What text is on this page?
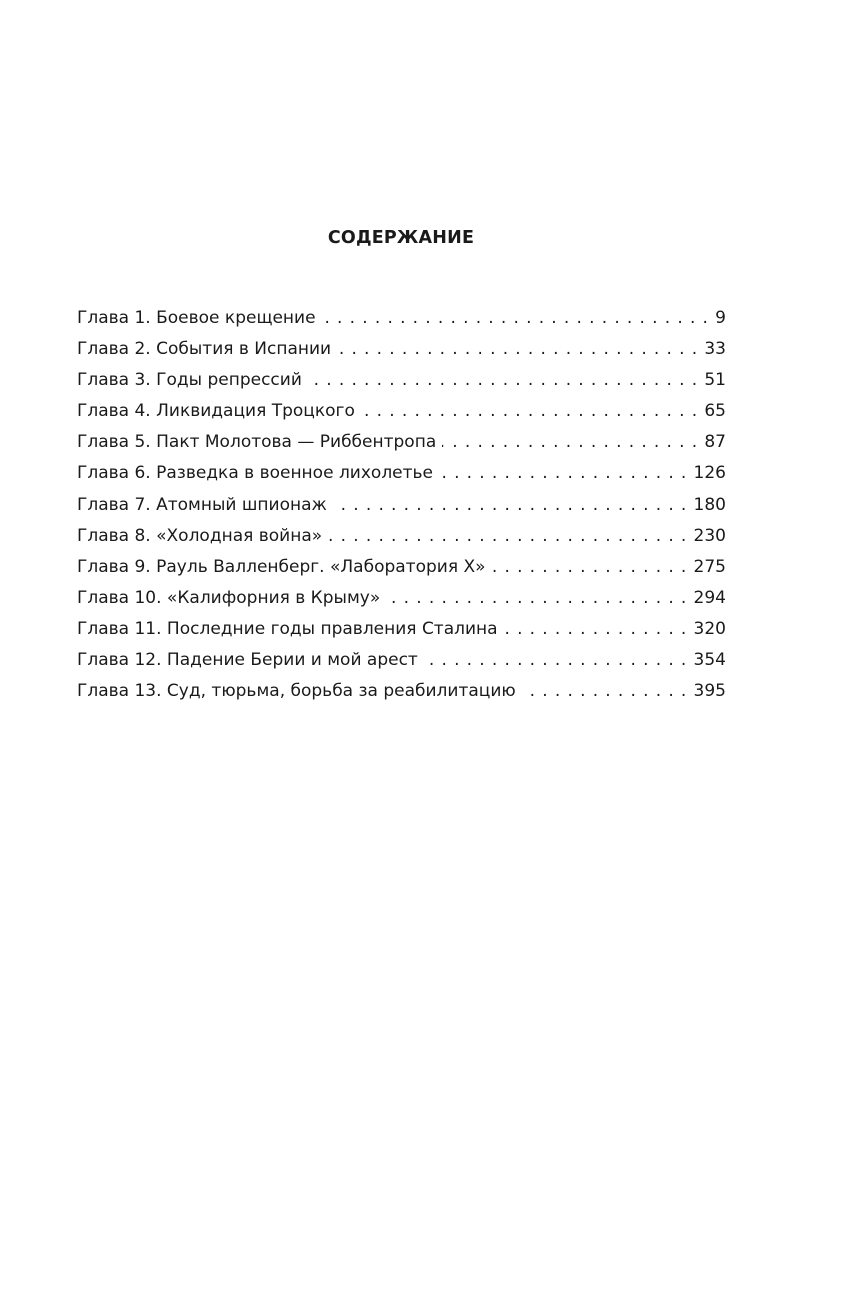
СОДЕРЖАНИЕ
Глава 1. Боевое крещение .....	9
Глава 2. События в Испании .....	33
Глава 3. Годы репрессий .....	51
Глава 4. Ликвидация Троцкого .....	65
Глава 5. Пакт Молотова — Риббентропа .....	87
Глава 6. Разведка в военное лихолетье .....	126
Глава 7. Атомный шпионаж .....	180
Глава 8. «Холодная война» .....	230
Глава 9. Рауль Валленберг. «Лаборатория Х» .....	275
Глава 10. «Калифорния в Крыму» .....	294
Глава 11. Последние годы правления Сталина .....	320
Глава 12. Падение Берии и мой арест .....	354
Глава 13. Суд, тюрьма, борьба за реабилитацию .....	395
